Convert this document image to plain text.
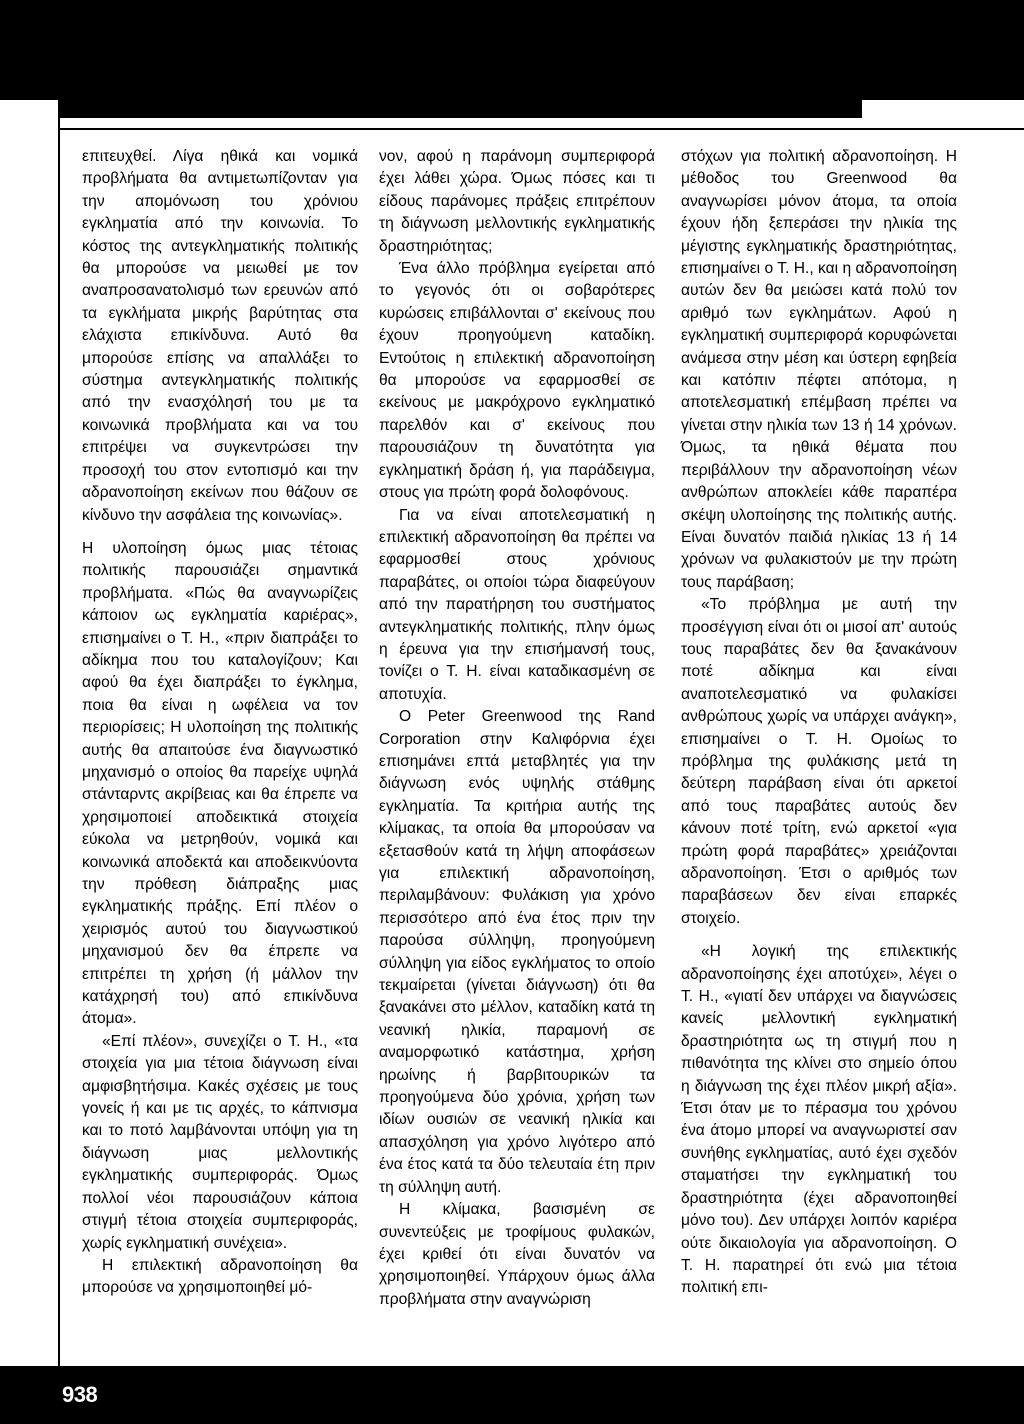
επιτευχθεί. Λίγα ηθικά και νομικά προβλήματα θα αντιμετωπίζονταν για την απομόνωση του χρόνιου εγκληματία από την κοινωνία. Το κόστος της αντεγκληματικής πολιτικής θα μπορούσε να μειωθεί με τον αναπροσανατολισμό των ερευνών από τα εγκλήματα μικρής βαρύτητας στα ελάχιστα επικίνδυνα. Αυτό θα μπορούσε επίσης να απαλλάξει το σύστημα αντεγκληματικής πολιτικής από την ενασχόλησή του με τα κοινωνικά προβλήματα και να του επιτρέψει να συγκεντρώσει την προσοχή του στον εντοπισμό και την αδρανοποίηση εκείνων που θάζουν σε κίνδυνο την ασφάλεια της κοινωνίας».

Η υλοποίηση όμως μιας τέτοιας πολιτικής παρουσιάζει σημαντικά προβλήματα. «Πώς θα αναγνωρίζεις κάποιον ως εγκληματία καριέρας», επισημαίνει ο Τ. Η., «πριν διαπράξει το αδίκημα που του καταλογίζουν; Και αφού θα έχει διαπράξει το έγκλημα, ποια θα είναι η ωφέλεια να τον περιορίσεις; Η υλοποίηση της πολιτικής αυτής θα απαιτούσε ένα διαγνωστικό μηχανισμό ο οποίος θα παρείχε υψηλά στάνταρντς ακρίβειας και θα έπρεπε να χρησιμοποιεί αποδεικτικά στοιχεία εύκολα να μετρηθούν, νομικά και κοινωνικά αποδεκτά και αποδεικνύοντα την πρόθεση διάπραξης μιας εγκληματικής πράξης. Επί πλέον ο χειρισμός αυτού του διαγνωστικού μηχανισμού δεν θα έπρεπε να επιτρέπει τη χρήση (ή μάλλον την κατάχρησή του) από επικίνδυνα άτομα».

«Επί πλέον», συνεχίζει ο Τ. Η., «τα στοιχεία για μια τέτοια διάγνωση είναι αμφισβητήσιμα. Κακές σχέσεις με τους γονείς ή και με τις αρχές, το κάπνισμα και το ποτό λαμβάνονται υπόψη για τη διάγνωση μιας μελλοντικής εγκληματικής συμπεριφοράς. Όμως πολλοί νέοι παρουσιάζουν κάποια στιγμή τέτοια στοιχεία συμπεριφοράς, χωρίς εγκληματική συνέχεια».

Η επιλεκτική αδρανοποίηση θα μπορούσε να χρησιμοποιηθεί μό-

νον, αφού η παράνομη συμπεριφορά έχει λάθει χώρα. Όμως πόσες και τι είδους παράνομες πράξεις επιτρέπουν τη διάγνωση μελλοντικής εγκληματικής δραστηριότητας;

Ένα άλλο πρόβλημα εγείρεται από το γεγονός ότι οι σοβαρότερες κυρώσεις επιβάλλονται σ' εκείνους που έχουν προηγούμενη καταδίκη. Εντούτοις η επιλεκτική αδρανοποίηση θα μπορούσε να εφαρμοσθεί σε εκείνους με μακρόχρονο εγκληματικό παρελθόν και σ' εκείνους που παρουσιάζουν τη δυνατότητα για εγκληματική δράση ή, για παράδειγμα, στους για πρώτη φορά δολοφόνους.

Για να είναι αποτελεσματική η επιλεκτική αδρανοποίηση θα πρέπει να εφαρμοσθεί στους χρόνιους παραβάτες, οι οποίοι τώρα διαφεύγουν από την παρατήρηση του συστήματος αντεγκληματικής πολιτικής, πλην όμως η έρευνα για την επισήμανσή τους, τονίζει ο Τ. Η. είναι καταδικασμένη σε αποτυχία.

Ο Peter Greenwood της Rand Corporation στην Καλιφόρνια έχει επισημάνει επτά μεταβλητές για την διάγνωση ενός υψηλής στάθμης εγκληματία. Τα κριτήρια αυτής της κλίμακας, τα οποία θα μπορούσαν να εξετασθούν κατά τη λήψη αποφάσεων για επιλεκτική αδρανοποίηση, περιλαμβάνουν: Φυλάκιση για χρόνο περισσότερο από ένα έτος πριν την παρούσα σύλληψη, προηγούμενη σύλληψη για είδος εγκλήματος το οποίο τεκμαίρεται (γίνεται διάγνωση) ότι θα ξανακάνει στο μέλλον, καταδίκη κατά τη νεανική ηλικία, παραμονή σε αναμορφωτικό κατάστημα, χρήση ηρωίνης ή βαρβιτουρικών τα προηγούμενα δύο χρόνια, χρήση των ιδίων ουσιών σε νεανική ηλικία και απασχόληση για χρόνο λιγότερο από ένα έτος κατά τα δύο τελευταία έτη πριν τη σύλληψη αυτή.

Η κλίμακα, βασισμένη σε συνεντεύξεις με τροφίμους φυλακών, έχει κριθεί ότι είναι δυνατόν να χρησιμοποιηθεί. Υπάρχουν όμως άλλα προβλήματα στην αναγνώριση

στόχων για πολιτική αδρανοποίηση. Η μέθοδος του Greenwood θα αναγνωρίσει μόνον άτομα, τα οποία έχουν ήδη ξεπεράσει την ηλικία της μέγιστης εγκληματικής δραστηριότητας, επισημαίνει ο Τ. Η., και η αδρανοποίηση αυτών δεν θα μειώσει κατά πολύ τον αριθμό των εγκλημάτων. Αφού η εγκληματική συμπεριφορά κορυφώνεται ανάμεσα στην μέση και ύστερη εφηβεία και κατόπιν πέφτει απότομα, η αποτελεσματική επέμβαση πρέπει να γίνεται στην ηλικία των 13 ή 14 χρόνων. Όμως, τα ηθικά θέματα που περιβάλλουν την αδρανοποίηση νέων ανθρώπων αποκλείει κάθε παραπέρα σκέψη υλοποίησης της πολιτικής αυτής. Είναι δυνατόν παιδιά ηλικίας 13 ή 14 χρόνων να φυλακιστούν με την πρώτη τους παράβαση;

«Το πρόβλημα με αυτή την προσέγγιση είναι ότι οι μισοί απ' αυτούς τους παραβάτες δεν θα ξανακάνουν ποτέ αδίκημα και είναι αναποτελεσματικό να φυλακίσει ανθρώπους χωρίς να υπάρχει ανάγκη», επισημαίνει ο Τ. Η. Ομοίως το πρόβλημα της φυλάκισης μετά τη δεύτερη παράβαση είναι ότι αρκετοί από τους παραβάτες αυτούς δεν κάνουν ποτέ τρίτη, ενώ αρκετοί «για πρώτη φορά παραβάτες» χρειάζονται αδρανοποίηση. Έτσι ο αριθμός των παραβάσεων δεν είναι επαρκές στοιχείο.

«Η λογική της επιλεκτικής αδρανοποίησης έχει αποτύχει», λέγει ο Τ. Η., «γιατί δεν υπάρχει να διαγνώσεις κανείς μελλοντική εγκληματική δραστηριότητα ως τη στιγμή που η πιθανότητα της κλίνει στο σημείο όπου η διάγνωση της έχει πλέον μικρή αξία». Έτσι όταν με το πέρασμα του χρόνου ένα άτομο μπορεί να αναγνωριστεί σαν συνήθης εγκληματίας, αυτό έχει σχεδόν σταματήσει την εγκληματική του δραστηριότητα (έχει αδρανοποιηθεί μόνο του). Δεν υπάρχει λοιπόν καριέρα ούτε δικαιολογία για αδρανοποίηση. Ο Τ. Η. παρατηρεί ότι ενώ μια τέτοια πολιτική επι-

938
